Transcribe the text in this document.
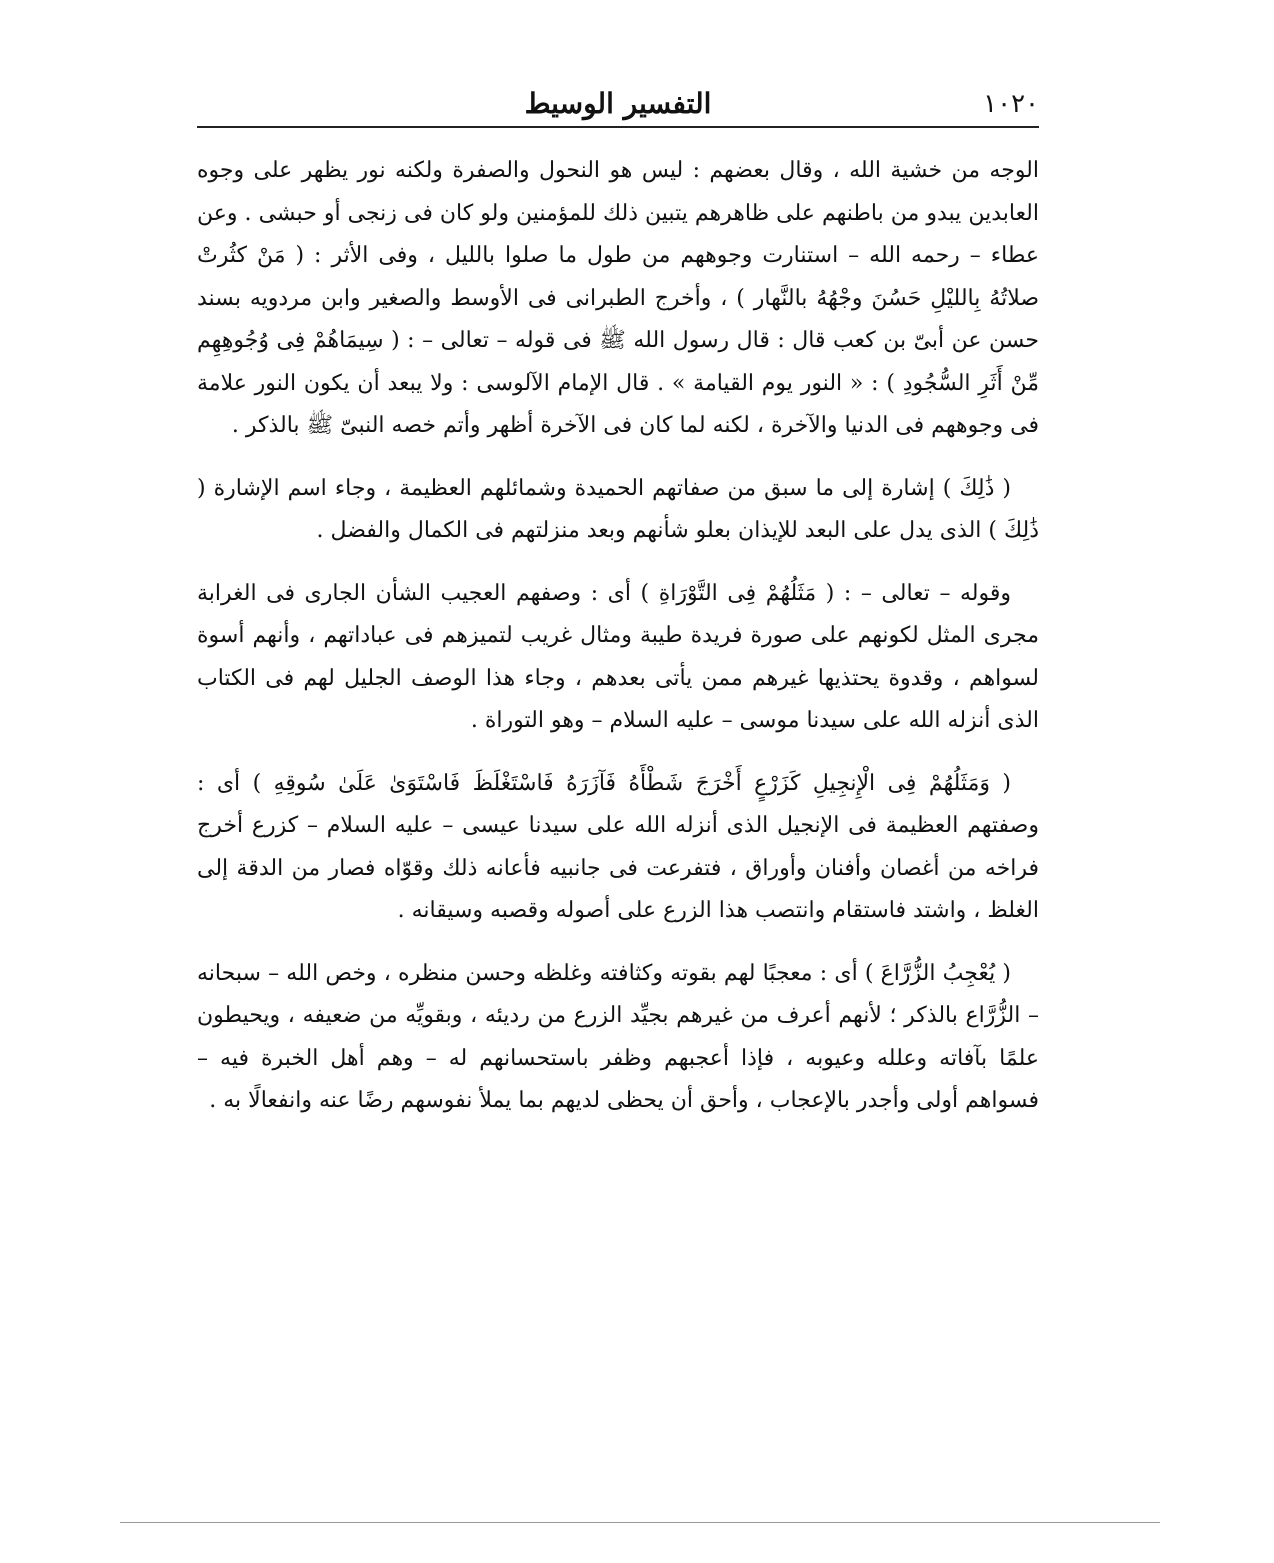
التفسير الوسيط	١٠٢٠

الوجه من خشية الله ، وقال بعضهم : ليس هو النحول والصفرة ولكنه نور يظهر على وجوه العابدين يبدو من باطنهم على ظاهرهم يتبين ذلك للمؤمنين ولو كان فى زنجى أو حبشى . وعن عطاء – رحمه الله – استنارت وجوههم من طول ما صلوا بالليل ، وفى الأثر : ( مَنْ كثُرتْ صلاتُهُ بِالليْلِ حَسُنَ وجْهُهُ بالنَّهار ) ، وأخرج الطبرانى فى الأوسط والصغير وابن مردويه بسند حسن عن أبىّ بن كعب قال : قال رسول الله ﷺ فى قوله – تعالى – : ( سِيمَاهُمْ فِى وُجُوهِهِم مِّنْ أَثَرِ السُّجُودِ ) : « النور يوم القيامة » . قال الإمام الآلوسى : ولا يبعد أن يكون النور علامة فى وجوههم فى الدنيا والآخرة ، لكنه لما كان فى الآخرة أظهر وأتم خصه النبىّ ﷺ بالذكر .

( ذَٰلِكَ ) إشارة إلى ما سبق من صفاتهم الحميدة وشمائلهم العظيمة ، وجاء اسم الإشارة ( ذَٰلِكَ ) الذى يدل على البعد للإيذان بعلو شأنهم وبعد منزلتهم فى الكمال والفضل .

وقوله – تعالى – : ( مَثَلُهُمْ فِى التَّوْرَاةِ ) أى : وصفهم العجيب الشأن الجارى فى الغرابة مجرى المثل لكونهم على صورة فريدة طيبة ومثال غريب لتميزهم فى عباداتهم ، وأنهم أسوة لسواهم ، وقدوة يحتذيها غيرهم ممن يأتى بعدهم ، وجاء هذا الوصف الجليل لهم فى الكتاب الذى أنزله الله على سيدنا موسى – عليه السلام – وهو التوراة .

( وَمَثَلُهُمْ فِى الْإِنجِيلِ كَزَرْعٍ أَخْرَجَ شَطْأَهُ فَآزَرَهُ فَاسْتَغْلَظَ فَاسْتَوَىٰ عَلَىٰ سُوقِهِ ) أى : وصفتهم العظيمة فى الإنجيل الذى أنزله الله على سيدنا عيسى – عليه السلام – كزرع أخرج فراخه من أغصان وأفنان وأوراق ، فتفرعت فى جانبيه فأعانه ذلك وقوّاه فصار من الدقة إلى الغلظ ، واشتد فاستقام وانتصب هذا الزرع على أصوله وقصبه وسيقانه .

( يُعْجِبُ الزُّرَّاعَ ) أى : معجبًا لهم بقوته وكثافته وغلظه وحسن منظره ، وخص الله – سبحانه – الزُّرَّاع بالذكر ؛ لأنهم أعرف من غيرهم بجيِّد الزرع من رديئه ، وبقويِّه من ضعيفه ، ويحيطون علمًا بآفاته وعلله وعيوبه ، فإذا أعجبهم وظفر باستحسانهم له – وهم أهل الخبرة فيه – فسواهم أولى وأجدر بالإعجاب ، وأحق أن يحظى لديهم بما يملأ نفوسهم رضًا عنه وانفعالًا به .
